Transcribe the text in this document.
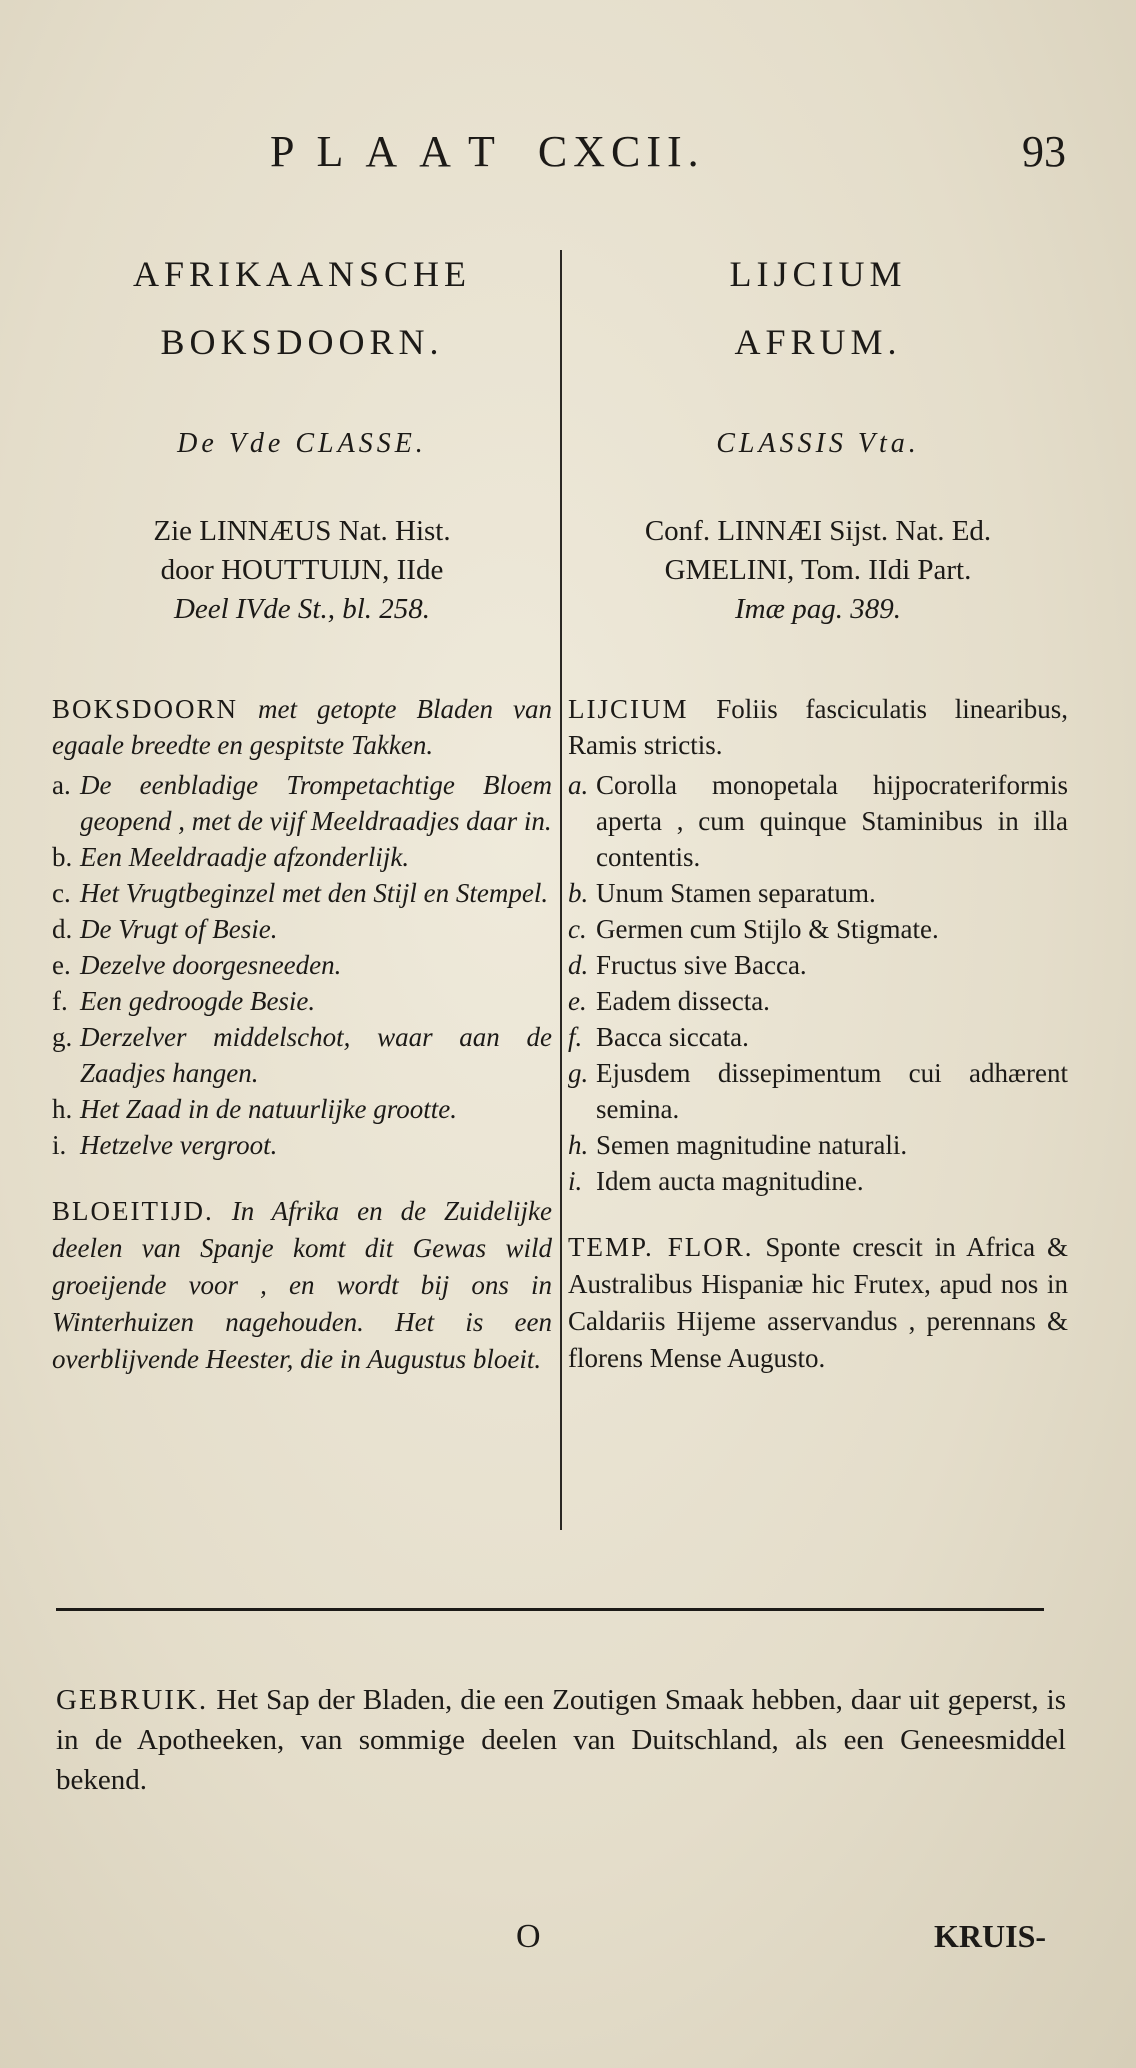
PLAAT CXCII.	93
AFRIKAANSCHE
BOKSDOORN.
De Vde CLASSE.
Zie LINNÆUS Nat. Hist.
door HOUTTUIJN, IIde
Deel IVde St., bl. 258.
BOKSDOORN met getopte Bladen van egaale breedte en gespitste Takken.
a. De eenbladige Trompetachtige Bloem geopend , met de vijf Meeldraadjes daar in.
b. Een Meeldraadje afzonderlijk.
c. Het Vrugtbeginzel met den Stijl en Stempel.
d. De Vrugt of Besie.
e. Dezelve doorgesneeden.
f. Een gedroogde Besie.
g. Derzelver middelschot, waar aan de Zaadjes hangen.
h. Het Zaad in de natuurlijke grootte.
i. Hetzelve vergroot.
BLOEITIJD. In Afrika en de Zuidelijke deelen van Spanje komt dit Gewas wild groeijende voor , en wordt bij ons in Winterhuizen nagehouden. Het is een overblijvende Heester, die in Augustus bloeit.
LIJCIUM
AFRUM.
CLASSIS Vta.
Conf. LINNÆI Sijst. Nat. Ed.
GMELINI, Tom. IIdi Part.
Imæ pag. 389.
LIJCIUM Foliis fasciculatis linearibus, Ramis strictis.
a. Corolla monopetala hijpocrateriformis aperta , cum quinque Staminibus in illa contentis.
b. Unum Stamen separatum.
c. Germen cum Stijlo & Stigmate.
d. Fructus sive Bacca.
e. Eadem dissecta.
f. Bacca siccata.
g. Ejusdem dissepimentum cui adhærent semina.
h. Semen magnitudine naturali.
i. Idem aucta magnitudine.
TEMP. FLOR. Sponte crescit in Africa & Australibus Hispaniæ hic Frutex, apud nos in Caldariis Hijeme asservandus , perennans & florens Mense Augusto.
GEBRUIK. Het Sap der Bladen, die een Zoutigen Smaak hebben, daar uit geperst, is in de Apotheeken, van sommige deelen van Duitschland, als een Geneesmiddel bekend.
O	KRUIS-
